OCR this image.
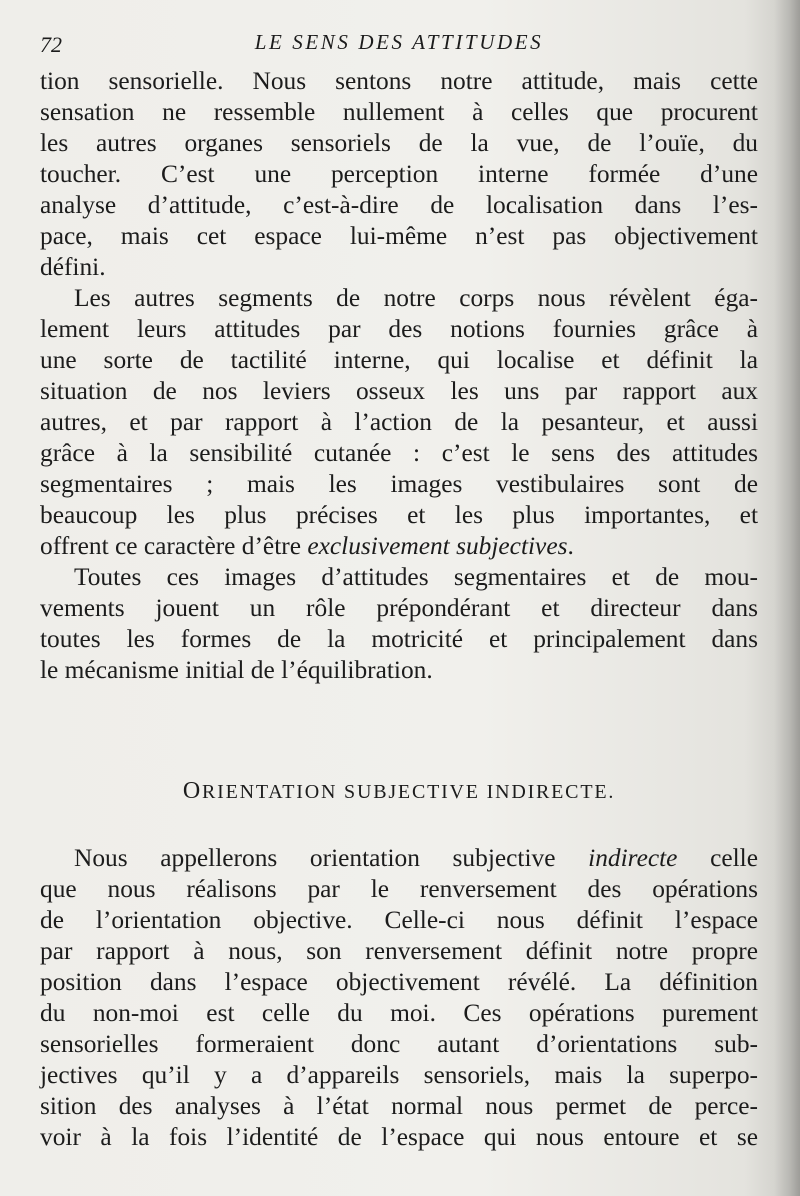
72	LE SENS DES ATTITUDES
tion sensorielle. Nous sentons notre attitude, mais cette
sensation ne ressemble nullement à celles que procurent
les autres organes sensoriels de la vue, de l’ouïe, du
toucher. C’est une perception interne formée d’une
analyse d’attitude, c’est-à-dire de localisation dans l’es-
pace, mais cet espace lui-même n’est pas objectivement
défini.
Les autres segments de notre corps nous révèlent éga-
lement leurs attitudes par des notions fournies grâce à
une sorte de tactilité interne, qui localise et définit la
situation de nos leviers osseux les uns par rapport aux
autres, et par rapport à l’action de la pesanteur, et aussi
grâce à la sensibilité cutanée : c’est le sens des attitudes
segmentaires ; mais les images vestibulaires sont de
beaucoup les plus précises et les plus importantes, et
offrent ce caractère d’être exclusivement subjectives.
Toutes ces images d’attitudes segmentaires et de mou-
vements jouent un rôle prépondérant et directeur dans
toutes les formes de la motricité et principalement dans
le mécanisme initial de l’équilibration.
ORIENTATION SUBJECTIVE INDIRECTE.
Nous appellerons orientation subjective indirecte celle
que nous réalisons par le renversement des opérations
de l’orientation objective. Celle-ci nous définit l’espace
par rapport à nous, son renversement définit notre propre
position dans l’espace objectivement révélé. La définition
du non-moi est celle du moi. Ces opérations purement
sensorielles formeraient donc autant d’orientations sub-
jectives qu’il y a d’appareils sensoriels, mais la superpo-
sition des analyses à l’état normal nous permet de perce-
voir à la fois l’identité de l’espace qui nous entoure et se
